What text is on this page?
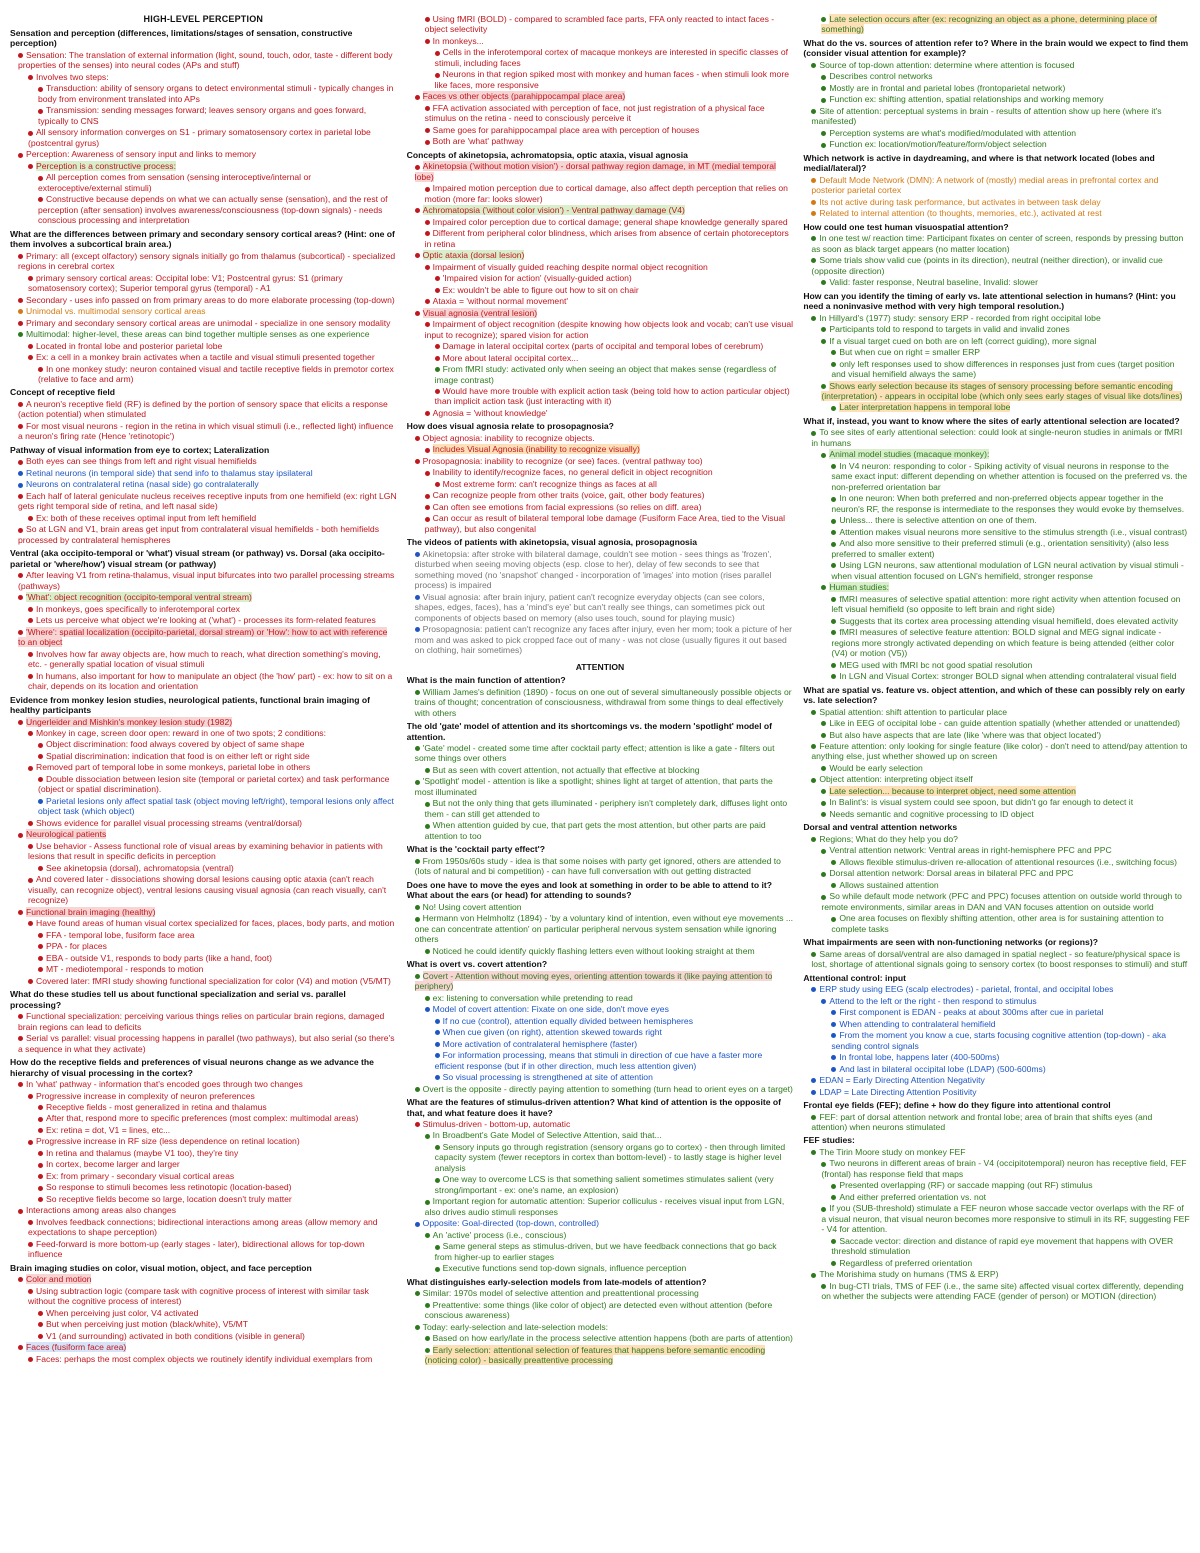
HIGH-LEVEL PERCEPTION
Sensation and perception (differences, limitations/stages of sensation, constructive perception)
Sensation: The translation of external information (light, sound, touch, odor, taste - different body properties of the senses) into neural codes (APs and stuff)
Involves two steps:
Transduction: ability of sensory organs to detect environmental stimuli - typically changes in body from environment translated into APs
Transmission: sending messages forward; leaves sensory organs and goes forward, typically to CNS
All sensory information converges on S1 - primary somatosensory cortex in parietal lobe (postcentral gyrus)
Perception: Awareness of sensory input and links to memory
Perception is a constructive process:
All perception comes from sensation (sensing interoceptive/internal or exteroceptive/external stimuli)
Constructive because depends on what we can actually sense (sensation), and the rest of perception (after sensation) involves awareness/consciousness (top-down signals) - needs conscious processing and interpretation
What are the differences between primary and secondary sensory cortical areas? (Hint: one of them involves a subcortical brain area.)
Primary: all (except olfactory) sensory signals initially go from thalamus (subcortical) - specialized regions in cerebral cortex
primary sensory cortical areas: Occipital lobe: V1; Postcentral gyrus: S1 (primary somatosensory cortex); Superior temporal gyrus (temporal) - A1
Secondary - uses info passed on from primary areas to do more elaborate processing (top-down)
Unimodal vs. multimodal sensory cortical areas
Primary and secondary sensory cortical areas are unimodal - specialize in one sensory modality
Multimodal: higher-level, these areas can bind together multiple senses as one experience
Located in frontal lobe and posterior parietal lobe
Ex: a cell in a monkey brain activates when a tactile and visual stimuli presented together
In one monkey study: neuron contained visual and tactile receptive fields in premotor cortex (relative to face and arm)
Concept of receptive field
A neuron's receptive field (RF) is defined by the portion of sensory space that elicits a response (action potential) when stimulated
For most visual neurons - region in the retina in which visual stimuli (i.e., reflected light) influence a neuron's firing rate (Hence 'retinotopic')
Pathway of visual information from eye to cortex; Lateralization
Both eyes can see things from left and right visual hemifields
Retinal neurons (in temporal side) that send info to thalamus stay ipsilateral
Neurons on contralateral retina (nasal side) go contralaterally
Each half of lateral geniculate nucleus receives receptive inputs from one hemifield (ex: right LGN gets right temporal side of retina, and left nasal side)
Ex: both of these receives optimal input from left hemifield
So at LGN and V1, brain areas get input from contralateral visual hemifields - both hemifields processed by contralateral hemispheres
Ventral (aka occipito-temporal or 'what') visual stream (or pathway) vs. Dorsal (aka occipito-parietal or 'where/how') visual stream (or pathway)
After leaving V1 from retina-thalamus, visual input bifurcates into two parallel processing streams (pathways)
'What': object recognition (occipito-temporal ventral stream)
In monkeys, goes specifically to inferotemporal cortex
Lets us perceive what object we're looking at ('what') - processes its form-related features
'Where': spatial localization (occipito-parietal, dorsal stream) or 'How': how to act with reference to an object
Involves how far away objects are, how much to reach, what direction something's moving, etc. - generally spatial location of visual stimuli
In humans, also important for how to manipulate an object (the 'how' part) - ex: how to sit on a chair, depends on its location and orientation
Evidence from monkey lesion studies, neurological patients, functional brain imaging of healthy participants
Ungerleider and Mishkin's monkey lesion study (1982)
Monkey in cage, screen door open: reward in one of two spots; 2 conditions:
Object discrimination: food always covered by object of same shape
Spatial discrimination: indication that food is on either left or right side
Removed part of temporal lobe in some monkeys, parietal lobe in others
Double dissociation between lesion site (temporal or parietal cortex) and task performance (object or spatial discrimination).
Parietal lesions only affect spatial task (object moving left/right), temporal lesions only affect object task (which object)
Shows evidence for parallel visual processing streams (ventral/dorsal)
Neurological patients
Use behavior - Assess functional role of visual areas by examining behavior in patients with lesions that result in specific deficits in perception
See akinetopsia (dorsal), achromatopsia (ventral)
And covered later - dissociations showing dorsal lesions causing optic ataxia (can't reach visually, can recognize object), ventral lesions causing visual agnosia (can reach visually, can't recognize)
Functional brain imaging (healthy)
Have found areas of human visual cortex specialized for faces, places, body parts, and motion
FFA - temporal lobe, fusiform face area
PPA - for places
EBA - outside V1, responds to body parts (like a hand, foot)
MT - mediotemporal - responds to motion
Covered later: fMRI study showing functional specialization for color (V4) and motion (V5/MT)
What do these studies tell us about functional specialization and serial vs. parallel processing?
Functional specialization: perceiving various things relies on particular brain regions, damaged brain regions can lead to deficits
Serial vs parallel: visual processing happens in parallel (two pathways), but also serial (so there's a sequence in what they activate)
How do the receptive fields and preferences of visual neurons change as we advance the hierarchy of visual processing in the cortex?
In 'what' pathway - information that's encoded goes through two changes
Progressive increase in complexity of neuron preferences
Receptive fields - most generalized in retina and thalamus
After that, respond more to specific preferences (most complex: multimodal areas)
Ex: retina = dot, V1 = lines, etc...
Progressive increase in RF size (less dependence on retinal location)
In retina and thalamus (maybe V1 too), they're tiny
In cortex, become larger and larger
Ex: from primary - secondary visual cortical areas
So response to stimuli becomes less retinotopic (location-based)
So receptive fields become so large, location doesn't truly matter
Interactions among areas also changes
Involves feedback connections; bidirectional interactions among areas (allow memory and expectations to shape perception)
Feed-forward is more bottom-up (early stages - later), bidirectional allows for top-down influence
Brain imaging studies on color, visual motion, object, and face perception
Color and motion
Using subtraction logic (compare task with cognitive process of interest with similar task without the cognitive process of interest)
When perceiving just color, V4 activated
But when perceiving just motion (black/white), V5/MT
V1 (and surrounding) activated in both conditions (visible in general)
Faces (fusiform face area)
Faces: perhaps the most complex objects we routinely identify individual exemplars from
Using fMRI (BOLD) - compared to scrambled face parts, FFA only reacted to intact faces - object selectivity
In monkeys...
Cells in the inferotemporal cortex of macaque monkeys are interested in specific classes of stimuli, including faces
Neurons in that region spiked most with monkey and human faces - when stimuli look more like faces, more responsive
Faces vs other objects (parahippocampal place area)
FFA activation associated with perception of face, not just registration of a physical face stimulus on the retina - need to consciously perceive it
Same goes for parahippocampal place area with perception of houses
Both are 'what' pathway
Concepts of akinetopsia, achromatopsia, optic ataxia, visual agnosia
Akinetopsia ('without motion vision') - dorsal pathway region damage, in MT (medial temporal lobe)
Impaired motion perception due to cortical damage, also affect depth perception that relies on motion (more far: looks slower)
Achromatopsia ('without color vision') - Ventral pathway damage (V4)
Impaired color perception due to cortical damage; general shape knowledge generally spared
Different from peripheral color blindness, which arises from absence of certain photoreceptors in retina
Optic ataxia (dorsal lesion)
Impairment of visually guided reaching despite normal object recognition
'Impaired vision for action' (visually-guided action)
Ex: wouldn't be able to figure out how to sit on chair
Ataxia = 'without normal movement'
Visual agnosia (ventral lesion)
Impairment of object recognition (despite knowing how objects look and vocab; can't use visual input to recognize); spared vision for action
Damage in lateral occipital cortex (parts of occipital and temporal lobes of cerebrum)
More about lateral occipital cortex...
From fMRI study: activated only when seeing an object that makes sense (regardless of image contrast)
Would have more trouble with explicit action task (being told how to action particular object) than implicit action task (just interacting with it)
Agnosia = 'without knowledge'
How does visual agnosia relate to prosopagnosia?
Object agnosia: inability to recognize objects.
Includes Visual Agnosia (inability to recognize visually)
Prosopagnosia: inability to recognize (or see) faces. (ventral pathway too)
Inability to identify/recognize faces, no general deficit in object recognition
Most extreme form: can't recognize things as faces at all
Can recognize people from other traits (voice, gait, other body features)
Can often see emotions from facial expressions (so relies on diff. area)
Can occur as result of bilateral temporal lobe damage (Fusiform Face Area, tied to the Visual pathway), but also congenital
The videos of patients with akinetopsia, visual agnosia, prosopagnosia
Akinetopsia: after stroke with bilateral damage, couldn't see motion - sees things as 'frozen', disturbed when seeing moving objects (esp. close to her), delay of few seconds to see that something moved (no 'snapshot' changed - incorporation of 'images' into motion (rises parallel process) is impaired
Visual agnosia: after brain injury, patient can't recognize everyday objects (can see colors, shapes, edges, faces), has a 'mind's eye' but can't really see things, can sometimes pick out components of objects based on memory (also uses touch, sound for playing music)
Prosopagnosia: patient can't recognize any faces after injury, even her mom; took a picture of her mom and was asked to pick cropped face out of many - was not close (usually figures it out based on clothing, hair sometimes)
ATTENTION
What is the main function of attention?
William James's definition (1890) - focus on one out of several simultaneously possible objects or trains of thought; concentration of consciousness, withdrawal from some things to deal effectively with others
The old 'gate' model of attention and its shortcomings vs. the modern 'spotlight' model of attention.
'Gate' model - created some time after cocktail party effect; attention is like a gate - filters out some things over others
But as seen with covert attention, not actually that effective at blocking
'Spotlight' model - attention is like a spotlight; shines light at target of attention, that parts the most illuminated
But not the only thing that gets illuminated - periphery isn't completely dark, diffuses light onto them - can still get attended to
When attention guided by cue, that part gets the most attention, but other parts are paid attention to too
What is the 'cocktail party effect'?
From 1950s/60s study - idea is that some noises with party get ignored, others are attended to (lots of natural and bi competition) - can have full conversation with out getting distracted
Does one have to move the eyes and look at something in order to be able to attend to it? What about the ears (or head) for attending to sounds?
No! Using covert attention
Hermann von Helmholtz (1894) - 'by a voluntary kind of intention, even without eye movements ... one can concentrate attention' on particular peripheral nervous system sensation while ignoring others
Noticed he could identify quickly flashing letters even without looking straight at them
What is overt vs. covert attention?
Covert - Attention without moving eyes, orienting attention towards it (like paying attention to periphery)
ex: listening to conversation while pretending to read
Model of covert attention: Fixate on one side, don't move eyes
If no cue (control), attention equally divided between hemispheres
When cue given (on right), attention skewed towards right
More activation of contralateral hemisphere (faster)
For information processing, means that stimuli in direction of cue have a faster more efficient response (but if in other direction, much less attention given)
So visual processing is strengthened at site of attention
Overt is the opposite - directly paying attention to something (turn head to orient eyes on a target)
What are the features of stimulus-driven attention? What kind of attention is the opposite of that, and what feature does it have?
Stimulus-driven - bottom-up, automatic
In Broadbent's Gate Model of Selective Attention, said that...
Sensory inputs go through registration (sensory organs go to cortex) - then through limited capacity system (fewer receptors in cortex than bottom-level) - to lastly stage is higher level analysis
One way to overcome LCS is that something salient sometimes stimulates salient (very strong/important - ex: one's name, an explosion)
Important region for automatic attention: Superior colliculus - receives visual input from LGN, also drives audio stimuli responses
Opposite: Goal-directed (top-down, controlled)
An 'active' process (i.e., conscious)
Same general steps as stimulus-driven, but we have feedback connections that go back from higher-up to earlier stages
Executive functions send top-down signals, influence perception
What distinguishes early-selection models from late-models of attention?
Similar: 1970s model of selective attention and preattentional processing
Preattentive: some things (like color of object) are detected even without attention (before conscious awareness)
Today: early-selection and late-selection models:
Based on how early/late in the process selective attention happens (both are parts of attention)
Early selection: attentional selection of features that happens before semantic encoding (noticing color) - basically preattentive processing
Late selection occurs after (ex: recognizing an object as a phone, determining place of something)
What do the vs. sources of attention refer to? Where in the brain would we expect to find them (consider visual attention for example)?
Source of top-down attention: determine where attention is focused
Describes control networks
Mostly are in frontal and parietal lobes (frontoparietal network)
Function ex: shifting attention, spatial relationships and working memory
Site of attention: perceptual systems in brain - results of attention show up here (where it's manifested)
Perception systems are what's modified/modulated with attention
Function ex: location/motion/feature/form/object selection
Which network is active in daydreaming, and where is that network located (lobes and medial/lateral)?
Default Mode Network (DMN): A network of (mostly) medial areas in prefrontal cortex and posterior parietal cortex
Its not active during task performance, but activates in between task delay
Related to internal attention (to thoughts, memories, etc.), activated at rest
How could one test human visuospatial attention?
In one test w/ reaction time: Participant fixates on center of screen, responds by pressing button as soon as black target appears (no matter location)
Some trials show valid cue (points in its direction), neutral (neither direction), or invalid cue (opposite direction)
Valid: faster response, Neutral baseline, Invalid: slower
How can you identify the timing of early vs. late attentional selection in humans? (Hint: you need a noninvasive method with very high temporal resolution.)
In Hillyard's (1977) study: sensory ERP - recorded from right occipital lobe
Participants told to respond to targets in valid and invalid zones
If a visual target cued on both are on left (correct guiding), more signal
But when cue on right = smaller ERP
only left responses used to show differences in responses just from cues (target position and visual hemifield always the same)
Shows early selection because its stages of sensory processing before semantic encoding (interpretation) - appears in occipital lobe (which only sees early stages of visual like dots/lines)
Later interpretation happens in temporal lobe
What if, instead, you want to know where the sites of early attentional selection are located?
To see sites of early attentional selection: could look at single-neuron studies in animals or fMRI in humans
Animal model studies (macaque monkey):
In V4 neuron: responding to color - Spiking activity of visual neurons in response to the same exact input: different depending on whether attention is focused on the preferred vs. the non-preferred orientation bar
In one neuron: When both preferred and non-preferred objects appear together in the neuron's RF, the response is intermediate to the responses they would evoke by themselves.
Unless... there is selective attention on one of them.
Attention makes visual neurons more sensitive to the stimulus strength (i.e., visual contrast)
And also more sensitive to their preferred stimuli (e.g., orientation sensitivity) (also less preferred to smaller extent)
Using LGN neurons, saw attentional modulation of LGN neural activation by visual stimuli - when visual attention focused on LGN's hemifield, stronger response
Human studies:
fMRI measures of selective spatial attention: more right activity when attention focused on left visual hemifield (so opposite to left brain and right side)
Suggests that its cortex area processing attending visual hemifield, does elevated activity
fMRI measures of selective feature attention: BOLD signal and MEG signal indicate - regions more strongly activated depending on which feature is being attended (either color (V4) or motion (V5))
MEG used with fMRI bc not good spatial resolution
In LGN and Visual Cortex: stronger BOLD signal when attending contralateral visual field
What are spatial vs. feature vs. object attention, and which of these can possibly rely on early vs. late selection?
Spatial attention: shift attention to particular place
Like in EEG of occipital lobe - can guide attention spatially (whether attended or unattended)
But also have aspects that are late (like 'where was that object located')
Feature attention: only looking for single feature (like color) - don't need to attend/pay attention to anything else, just whether showed up on screen
Would be early selection
Object attention: interpreting object itself
Late selection... because to interpret object, need some attention
In Balint's: is visual system could see spoon, but didn't go far enough to detect it
Needs semantic and cognitive processing to ID object
Dorsal and ventral attention networks
Regions; What do they help you do?
Ventral attention network: Ventral areas in right-hemisphere PFC and PPC
Allows flexible stimulus-driven re-allocation of attentional resources (i.e., switching focus)
Dorsal attention network: Dorsal areas in bilateral PFC and PPC
Allows sustained attention
So while default mode network (PFC and PPC) focuses attention on outside world through to remote environments, similar areas in DAN and VAN focuses attention on outside world
One area focuses on flexibly shifting attention, other area is for sustaining attention to complete tasks
What impairments are seen with non-functioning networks (or regions)?
Same areas of dorsal/ventral are also damaged in spatial neglect - so feature/physical space is lost, shortage of attentional signals going to sensory cortex (to boost responses to stimuli) and stuff
Attentional control: input
ERP study using EEG (scalp electrodes) - parietal, frontal, and occipital lobes
Attend to the left or the right - then respond to stimulus
First component is EDAN - peaks at about 300ms after cue in parietal
When attending to contralateral hemifield
From the moment you know a cue, starts focusing cognitive attention (top-down) - aka sending control signals
In frontal lobe, happens later (400-500ms)
And last in bilateral occipital lobe (LDAP) (500-600ms)
EDAN = Early Directing Attention Negativity
LDAP = Late Directing Attention Positivity
Frontal eye fields (FEF); define + how do they figure into attentional control
FEF: part of dorsal attention network and frontal lobe; area of brain that shifts eyes (and attention) when neurons stimulated
FEF studies:
The Tirin Moore study on monkey FEF
Two neurons in different areas of brain - V4 (occipitotemporal) neuron has receptive field, FEF (frontal) has response field that maps
Presented overlapping (RF) or saccade mapping (out RF) stimulus
And either preferred orientation vs. not
If you (SUB-threshold) stimulate a FEF neuron whose saccade vector overlaps with the RF of a visual neuron, that visual neuron becomes more responsive to stimuli in its RF, suggesting FEF - V4 for attention.
Saccade vector: direction and distance of rapid eye movement that happens with OVER threshold stimulation
Regardless of preferred orientation
The Morishima study on humans (TMS & ERP)
In bug-CTI trials, TMS of FEF (i.e., the same site) affected visual cortex differently, depending on whether the subjects were attending FACE (gender of person) or MOTION (direction)
